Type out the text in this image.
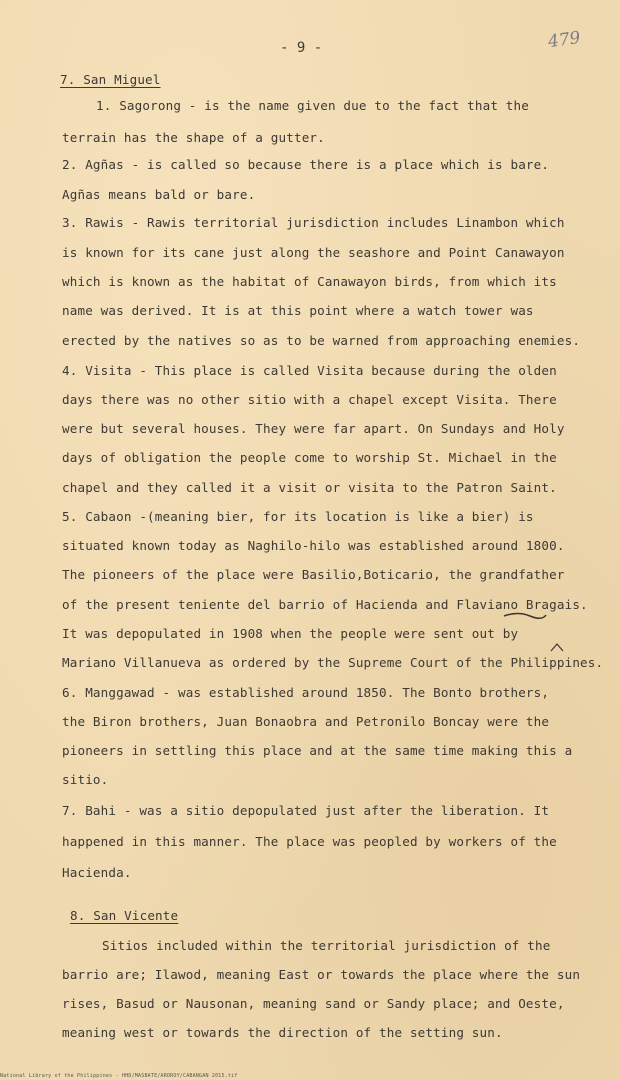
- 9 -	479
7. San Miguel
1. Sagorong - is the name given due to the fact that the
terrain has the shape of a gutter.
2. Agñas - is called so because there is a place which is bare.
Agñas means bald or bare.
3. Rawis - Rawis territorial jurisdiction includes Linambon which
is known for its cane just along the seashore and Point Canawayon
which is known as the habitat of Canawayon birds, from which its
name was derived. It is at this point where a watch tower was
erected by the natives so as to be warned from approaching enemies.
4. Visita - This place is called Visita because during the olden
days there was no other sitio with a chapel except Visita. There
were but several houses. They were far apart. On Sundays and Holy
days of obligation the people come to worship St. Michael in the
chapel and they called it a visit or visita to the Patron Saint.
5. Cabaon -(meaning bier, for its location is like a bier) is
situated known today as Naghilo-hilo was established around 1800.
The pioneers of the place were Basilio,Boticario, the grandfather
of the present teniente del barrio of Hacienda and Flaviano Bragais.
It was depopulated in 1908 when the people were sent out by
Mariano Villanueva as ordered by the Supreme Court of the Philippines.
6. Manggawad - was established around 1850. The Bonto brothers,
the Biron brothers, Juan Bonaobra and Petronilo Boncay were the
pioneers in settling this place and at the same time making this a
sitio.
7. Bahi - was a sitio depopulated just after the liberation. It
happened in this manner. The place was peopled by workers of the
Hacienda.
8. San Vicente
Sitios included within the territorial jurisdiction of the
barrio are; Ilawod, meaning East or towards the place where the sun
rises, Basud or Nausonan, meaning sand or Sandy place; and Oeste,
meaning west or towards the direction of the setting sun.
National Library of the Philippines - HHD/MASBATE/AROROY/CABANGAN 2015.tif
